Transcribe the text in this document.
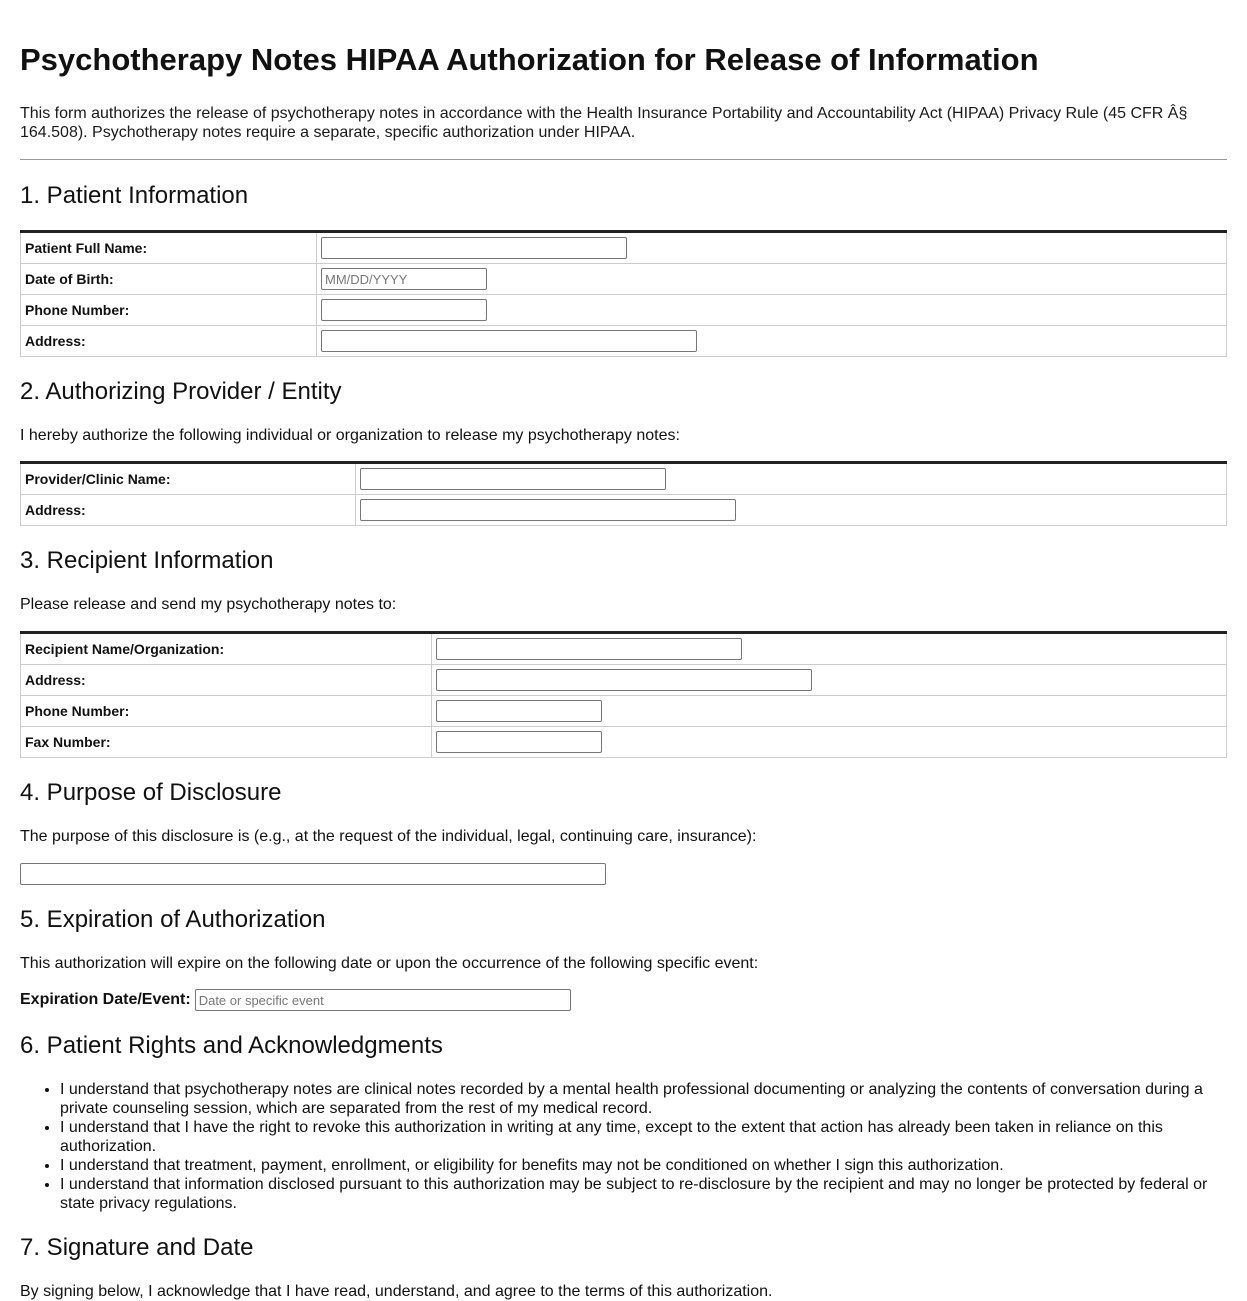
Psychotherapy Notes HIPAA Authorization for Release of Information

This form authorizes the release of psychotherapy notes in accordance with the Health Insurance Portability and Accountability Act (HIPAA) Privacy Rule (45 CFR Â§ 164.508). Psychotherapy notes require a separate, specific authorization under HIPAA.

1. Patient Information
Patient Full Name:	

Date of Birth:	
MM/DD/YYYY
Phone Number:	

Address:	
2. Authorizing Provider / Entity

I hereby authorize the following individual or organization to release my psychotherapy notes:

Provider/Clinic Name:	

Address:	
3. Recipient Information

Please release and send my psychotherapy notes to:

Recipient Name/Organization:	

Address:	

Phone Number:	

Fax Number:	
4. Purpose of Disclosure

The purpose of this disclosure is (e.g., at the request of the individual, legal, continuing care, insurance):

5. Expiration of Authorization

This authorization will expire on the following date or upon the occurrence of the following specific event:

Expiration Date/Event:
Date or specific event
6. Patient Rights and Acknowledgments
• I understand that psychotherapy notes are clinical notes recorded by a mental health professional documenting or analyzing the contents of conversation during a private counseling session, which are separated from the rest of my medical record.
• I understand that I have the right to revoke this authorization in writing at any time, except to the extent that action has already been taken in reliance on this authorization.
• I understand that treatment, payment, enrollment, or eligibility for benefits may not be conditioned on whether I sign this authorization.
• I understand that information disclosed pursuant to this authorization may be subject to re-disclosure by the recipient and may no longer be protected by federal or state privacy regulations.
7. Signature and Date

By signing below, I acknowledge that I have read, understand, and agree to the terms of this authorization.
